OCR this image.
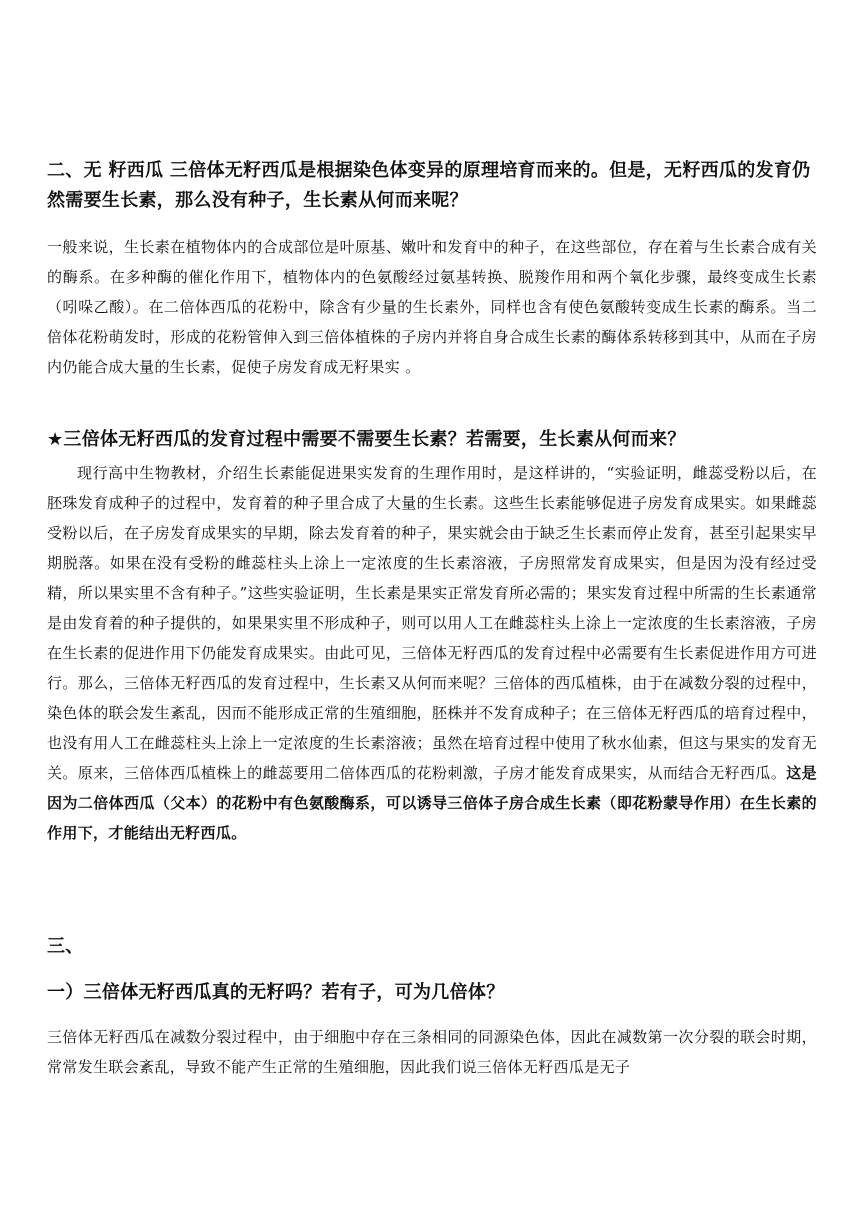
二、无 籽西瓜 三倍体无籽西瓜是根据染色体变异的原理培育而来的。但是，无籽西瓜的发育仍然需要生长素，那么没有种子，生长素从何而来呢？

一般来说，生长素在植物体内的合成部位是叶原基、嫩叶和发育中的种子，在这些部位，存在着与生长素合成有关的酶系。在多种酶的催化作用下，植物体内的色氨酸经过氨基转换、脱羧作用和两个氧化步骤，最终变成生长素（吲哚乙酸）。在二倍体西瓜的花粉中，除含有少量的生长素外，同样也含有使色氨酸转变成生长素的酶系。当二倍体花粉萌发时，形成的花粉管伸入到三倍体植株的子房内并将自身合成生长素的酶体系转移到其中，从而在子房内仍能合成大量的生长素，促使子房发育成无籽果实 。

★三倍体无籽西瓜的发育过程中需要不需要生长素？若需要，生长素从何而来？

现行高中生物教材，介绍生长素能促进果实发育的生理作用时，是这样讲的，“实验证明，雌蕊受粉以后，在胚珠发育成种子的过程中，发育着的种子里合成了大量的生长素。这些生长素能够促进子房发育成果实。如果雌蕊受粉以后，在子房发育成果实的早期，除去发育着的种子，果实就会由于缺乏生长素而停止发育，甚至引起果实早期脱落。如果在没有受粉的雌蕊柱头上涂上一定浓度的生长素溶液，子房照常发育成果实，但是因为没有经过受精，所以果实里不含有种子。”这些实验证明，生长素是果实正常发育所必需的；果实发育过程中所需的生长素通常是由发育着的种子提供的，如果果实里不形成种子，则可以用人工在雌蕊柱头上涂上一定浓度的生长素溶液，子房在生长素的促进作用下仍能发育成果实。由此可见，三倍体无籽西瓜的发育过程中必需要有生长素促进作用方可进行。那么，三倍体无籽西瓜的发育过程中，生长素又从何而来呢？三倍体的西瓜植株，由于在减数分裂的过程中，染色体的联会发生紊乱，因而不能形成正常的生殖细胞，胚株并不发育成种子；在三倍体无籽西瓜的培育过程中，也没有用人工在雌蕊柱头上涂上一定浓度的生长素溶液；虽然在培育过程中使用了秋水仙素，但这与果实的发育无关。原来，三倍体西瓜植株上的雌蕊要用二倍体西瓜的花粉刺激，子房才能发育成果实，从而结合无籽西瓜。这是因为二倍体西瓜（父本）的花粉中有色氨酸酶系，可以诱导三倍体子房合成生长素（即花粉蒙导作用）在生长素的作用下，才能结出无籽西瓜。

三、

一）三倍体无籽西瓜真的无籽吗？若有子，可为几倍体？

三倍体无籽西瓜在减数分裂过程中，由于细胞中存在三条相同的同源染色体，因此在减数第一次分裂的联会时期，常常发生联会紊乱，导致不能产生正常的生殖细胞，因此我们说三倍体无籽西瓜是无子
